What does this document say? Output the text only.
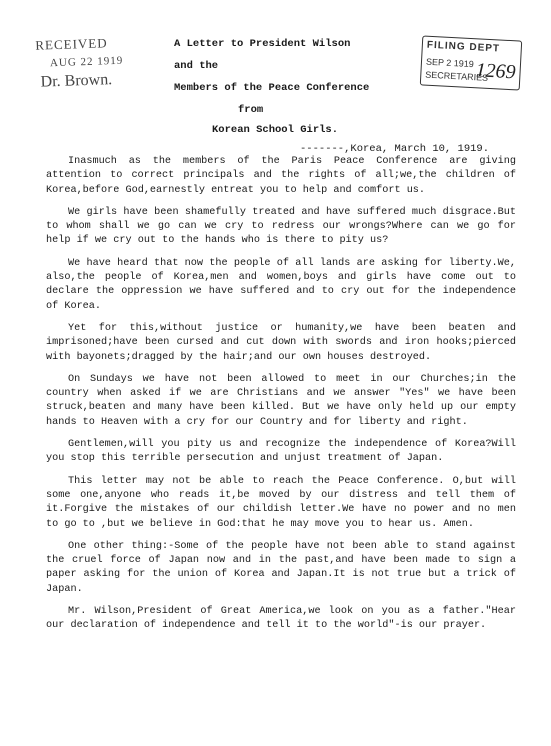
RECEIVED
AUG 22 1919
Dr. Brown.
FILING DEPT
SEP 2 1919
SECRETARIES
1269
A Letter to President Wilson
and the
Members of the Peace Conference
from
Korean School Girls.
-------,Korea, March 10, 1919.

Inasmuch as the members of the Paris Peace Conference are giving attention to correct principals and the rights of all;we,the children of Korea,before God,earnestly entreat you to help and comfort us.

We girls have been shamefully treated and have suffered much disgrace.But to whom shall we go can we cry to redress our wrongs?Where can we go for help if we cry out to the hands who is there to pity us?

We have heard that now the people of all lands are asking for liberty.We, also,the people of Korea,men and women,boys and girls have come out to declare the oppression we have suffered and to cry out for the independence of Korea.

Yet for this,without justice or humanity,we have been beaten and imprisoned;have been cursed and cut down with swords and iron hooks;pierced with bayonets;dragged by the hair;and our own houses destroyed.

On Sundays we have not been allowed to meet in our Churches;in the country when asked if we are Christians and we answer "Yes" we have been struck,beaten and many have been killed. But we have only held up our empty hands to Heaven with a cry for our Country and for liberty and right.

Gentlemen,will you pity us and recognize the independence of Korea?Will you stop this terrible persecution and unjust treatment of Japan.

This letter may not be able to reach the Peace Conference. O,but will some one,anyone who reads it,be moved by our distress and tell them of it.Forgive the mistakes of our childish letter.We have no power and no men to go to ,but we believe in God:that he may move you to hear us. Amen.

One other thing:-Some of the people have not been able to stand against the cruel force of Japan now and in the past,and have been made to sign a paper asking for the union of Korea and Japan.It is not true but a trick of Japan.

Mr. Wilson,President of Great America,we look on you as a father."Hear our declaration of independence and tell it to the world"-is our prayer.
